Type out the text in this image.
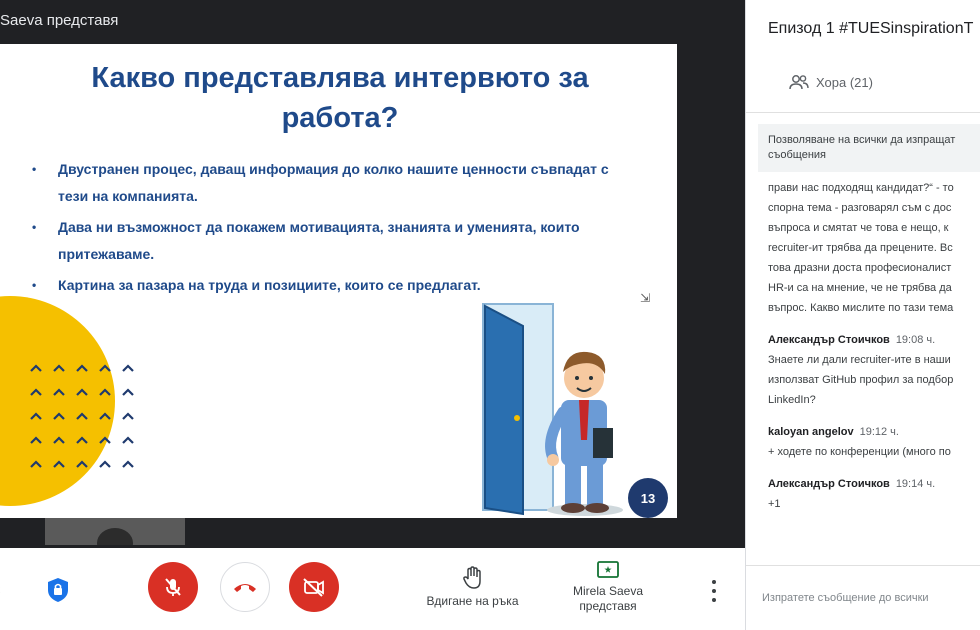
Saeva представя
Какво представлява интервюто за
работа?
• Двустранен процес, даващ информация до колко нашите ценности съвпадат с тези на компанията.
• Дава ни възможност да покажем мотивацията, знанията и уменията, които притежаваме.
• Картина за пазара на труда и позициите, които се предлагат.
⇲
13
Вдигане на ръка
Mirela Saeva
представя
Епизод 1 #TUESinspirationT
Хора (21)
Позволяване на всички да изпращат съобщения
прави нас подходящ кандидат?“ - то
спорна тема - разговарял съм с дос
въпроса и смятат че това е нещо, к
recruiter-ит трябва да прецените. Вс
това дразни доста професионалист
HR-и са на мнение, че не трябва да
въпрос. Какво мислите по тази тема
Александър Стоичков 19:08 ч.
Знаете ли дали recruiter-ите в наши
използват GitHub профил за подбор
LinkedIn?
kaloyan angelov 19:12 ч.
+ ходете по конференции (много по
Александър Стоичков 19:14 ч.
+1
Изпратете съобщение до всички
